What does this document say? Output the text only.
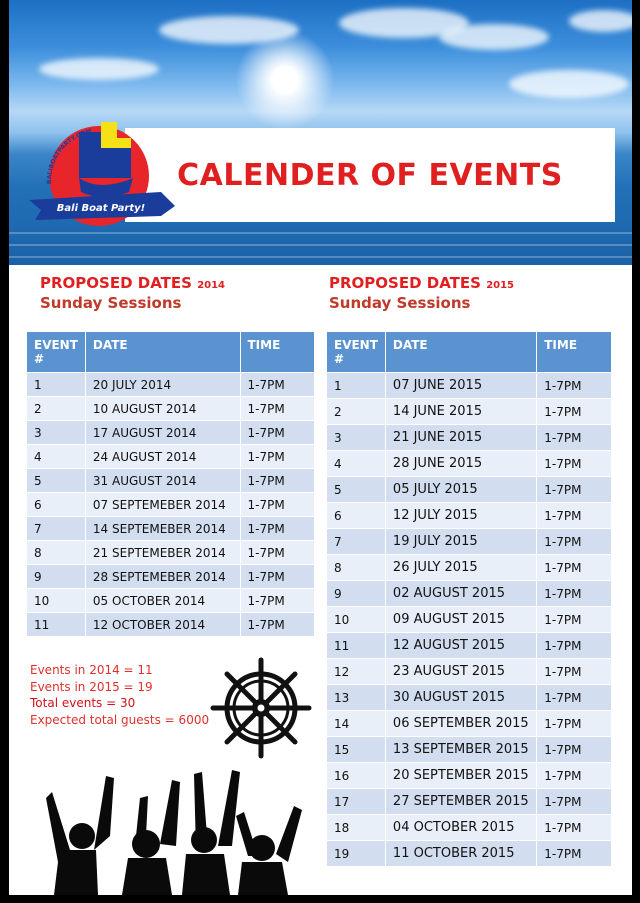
CALENDER OF EVENTS
Bali Boat Party!
BALIBOATPARTY.COM
PROPOSED DATES 2014
Sunday Sessions
PROPOSED DATES 2015
Sunday Sessions
EVENT #	DATE	TIME
1	20 JULY 2014	1-7PM
2	10 AUGUST 2014	1-7PM
3	17 AUGUST 2014	1-7PM
4	24 AUGUST 2014	1-7PM
5	31 AUGUST 2014	1-7PM
6	07 SEPTEMEBER 2014	1-7PM
7	14 SEPTEMEBER 2014	1-7PM
8	21 SEPTEMEBER 2014	1-7PM
9	28 SEPTEMEBER 2014	1-7PM
10	05 OCTOBER 2014	1-7PM
11	12 OCTOBER 2014	1-7PM
EVENT #	DATE	TIME
1	07 JUNE 2015	1-7PM
2	14 JUNE 2015	1-7PM
3	21 JUNE 2015	1-7PM
4	28 JUNE 2015	1-7PM
5	05 JULY 2015	1-7PM
6	12 JULY 2015	1-7PM
7	19 JULY 2015	1-7PM
8	26 JULY 2015	1-7PM
9	02 AUGUST 2015	1-7PM
10	09 AUGUST 2015	1-7PM
11	12 AUGUST 2015	1-7PM
12	23 AUGUST 2015	1-7PM
13	30 AUGUST 2015	1-7PM
14	06 SEPTEMBER 2015	1-7PM
15	13 SEPTEMBER 2015	1-7PM
16	20 SEPTEMBER 2015	1-7PM
17	27 SEPTEMBER 2015	1-7PM
18	04 OCTOBER 2015	1-7PM
19	11 OCTOBER 2015	1-7PM
Events in 2014 = 11
Events in 2015 = 19
Total events = 30
Expected total guests = 6000
